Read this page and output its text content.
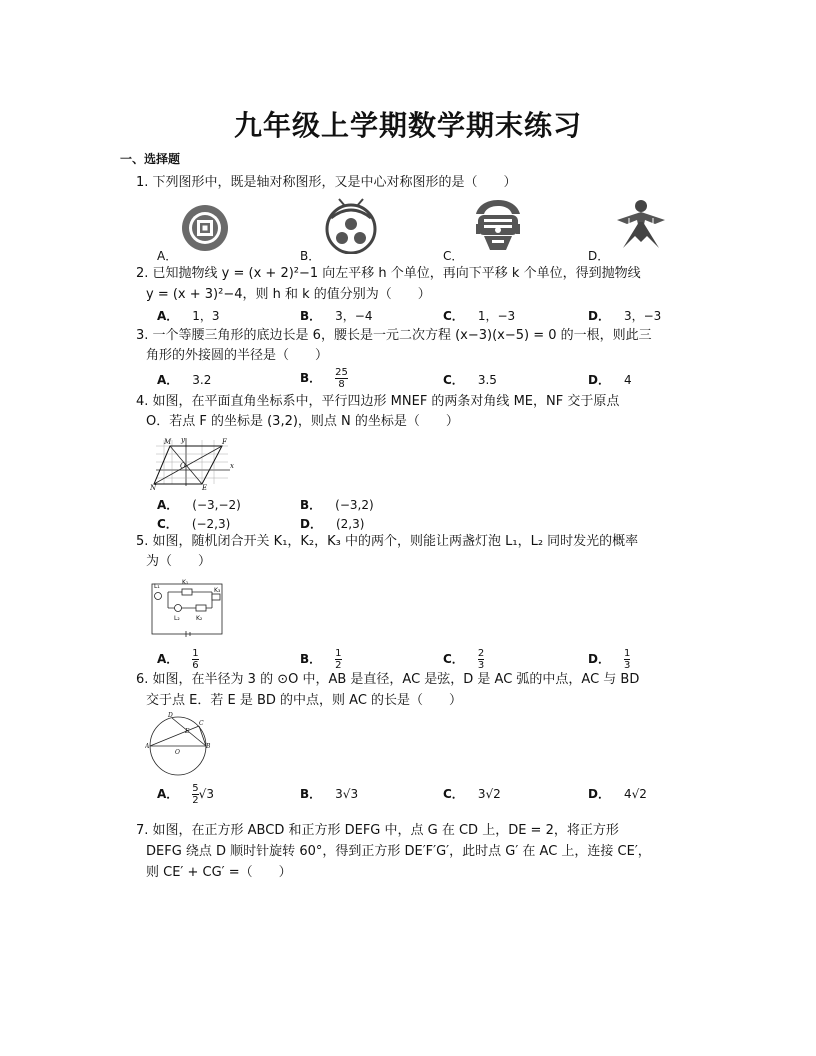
九年级上学期数学期末练习
一、选择题
1. 下列图形中，既是轴对称图形，又是中心对称图形的是（　　）
A．	B．	C．	D．
2. 已知抛物线 y = (x + 2)²−1 向左平移 h 个单位，再向下平移 k 个单位，得到抛物线
y = (x + 3)²−4，则 h 和 k 的值分别为（　　）
A． 1，3	B． 3，−4	C． 1，−3	D． 3，−3
3. 一个等腰三角形的底边长是 6，腰长是一元二次方程 (x−3)(x−5) = 0 的一根，则此三
角形的外接圆的半径是（　　）
A． 3.2	B． $\frac{25}{8}$	C． 3.5	D． 4
4. 如图，在平面直角坐标系中，平行四边形 MNEF 的两条对角线 ME，NF 交于原点
O．若点 F 的坐标是 (3,2)，则点 N 的坐标是（　　）
M y	F
O	x
N	E
A． (−3,−2)	B． (−3,2)
C． (−2,3)	D． (2,3)
5. 如图，随机闭合开关 K₁，K₂，K₃ 中的两个，则能让两盏灯泡 L₁，L₂ 同时发光的概率
为（　　）
L₁
K₁
K₃
L₂	K₂
A． $\frac{1}{6}$	B． $\frac{1}{2}$	C． $\frac{2}{3}$	D． $\frac{1}{3}$
6. 如图，在半径为 3 的 ⊙O 中，AB 是直径，AC 是弦，D 是 AC 弧的中点，AC 与 BD
交于点 E．若 E 是 BD 的中点，则 AC 的长是（　　）
A	B
C
D
E
O
A． $\frac{5}{2} √3$	B． 3√3	C． 3√2	D． 4√2
7. 如图，在正方形 ABCD 和正方形 DEFG 中，点 G 在 CD 上，DE = 2，将正方形
DEFG 绕点 D 顺时针旋转 60°，得到正方形 DE′F′G′，此时点 G′ 在 AC 上，连接 CE′，
则 CE′ + CG′ =（　　）
